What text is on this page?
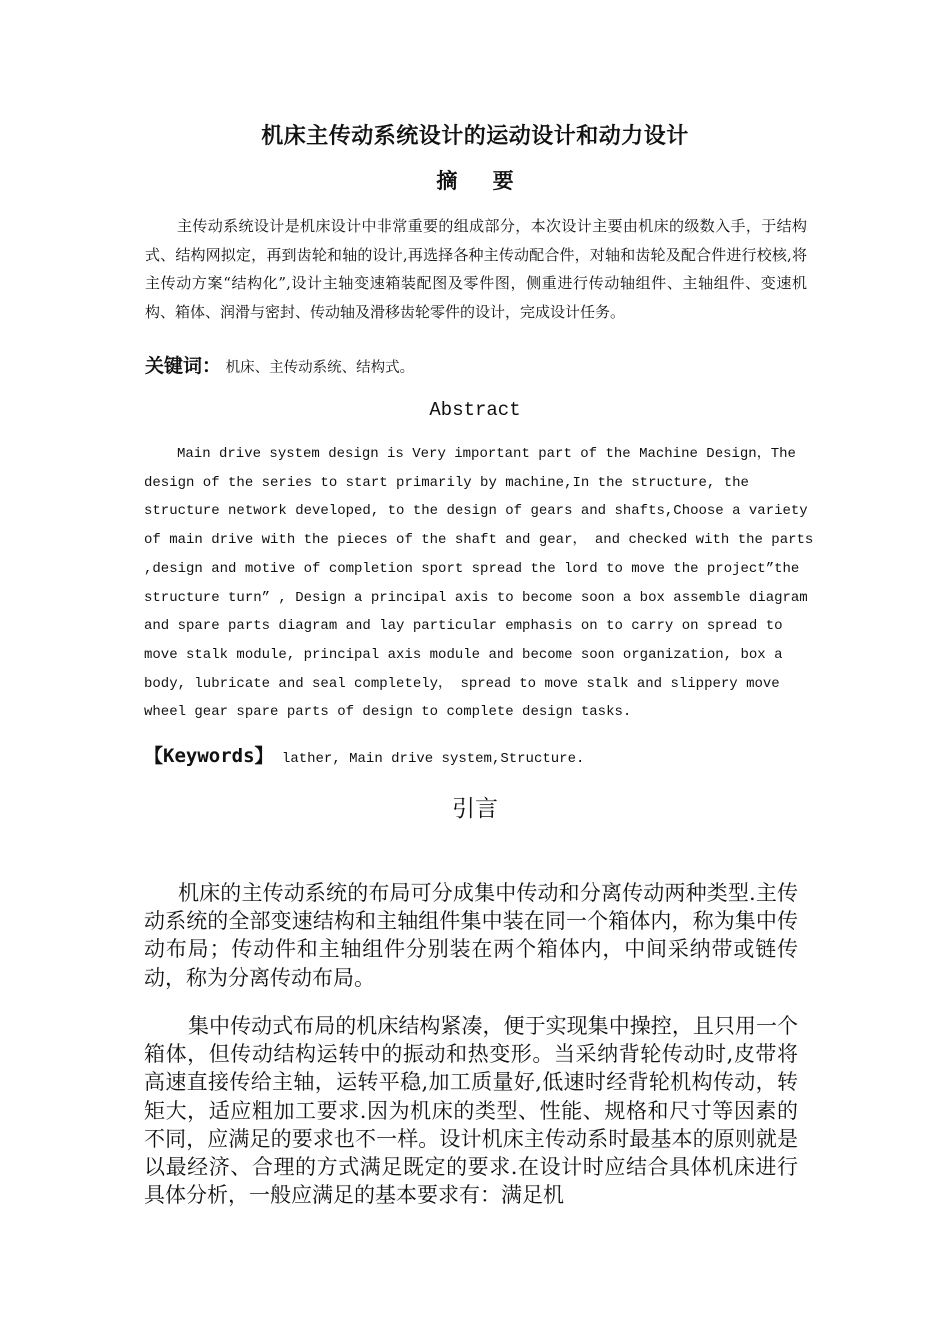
机床主传动系统设计的运动设计和动力设计
摘 要

主传动系统设计是机床设计中非常重要的组成部分，本次设计主要由机床的级数入手，于结构式、结构网拟定，再到齿轮和轴的设计,再选择各种主传动配合件，对轴和齿轮及配合件进行校核,将主传动方案“结构化”,设计主轴变速箱装配图及零件图，侧重进行传动轴组件、主轴组件、变速机构、箱体、润滑与密封、传动轴及滑移齿轮零件的设计，完成设计任务。

关键词： 机床、主传动系统、结构式。
Abstract

Main drive system design is Very important part of the Machine Design，The design of the series to start primarily by machine,In the structure, the structure network developed, to the design of gears and shafts,Choose a variety of main drive with the pieces of the shaft and gear， and checked with the parts ,design and motive of completion sport spread the lord to move the project”the structure turn” , Design a principal axis to become soon a box assemble diagram and spare parts diagram and lay particular emphasis on to carry on spread to move stalk module, principal axis module and become soon organization, box a body, lubricate and seal completely， spread to move stalk and slippery move wheel gear spare parts of design to complete design tasks.

【Keywords】 lather, Main drive system,Structure.
引言

机床的主传动系统的布局可分成集中传动和分离传动两种类型.主传动系统的全部变速结构和主轴组件集中装在同一个箱体内，称为集中传动布局；传动件和主轴组件分别装在两个箱体内，中间采纳带或链传动，称为分离传动布局。

集中传动式布局的机床结构紧凑，便于实现集中操控，且只用一个箱体，但传动结构运转中的振动和热变形。当采纳背轮传动时,皮带将高速直接传给主轴，运转平稳,加工质量好,低速时经背轮机构传动，转矩大，适应粗加工要求.因为机床的类型、性能、规格和尺寸等因素的不同，应满足的要求也不一样。设计机床主传动系时最基本的原则就是以最经济、合理的方式满足既定的要求.在设计时应结合具体机床进行具体分析，一般应满足的基本要求有：满足机
